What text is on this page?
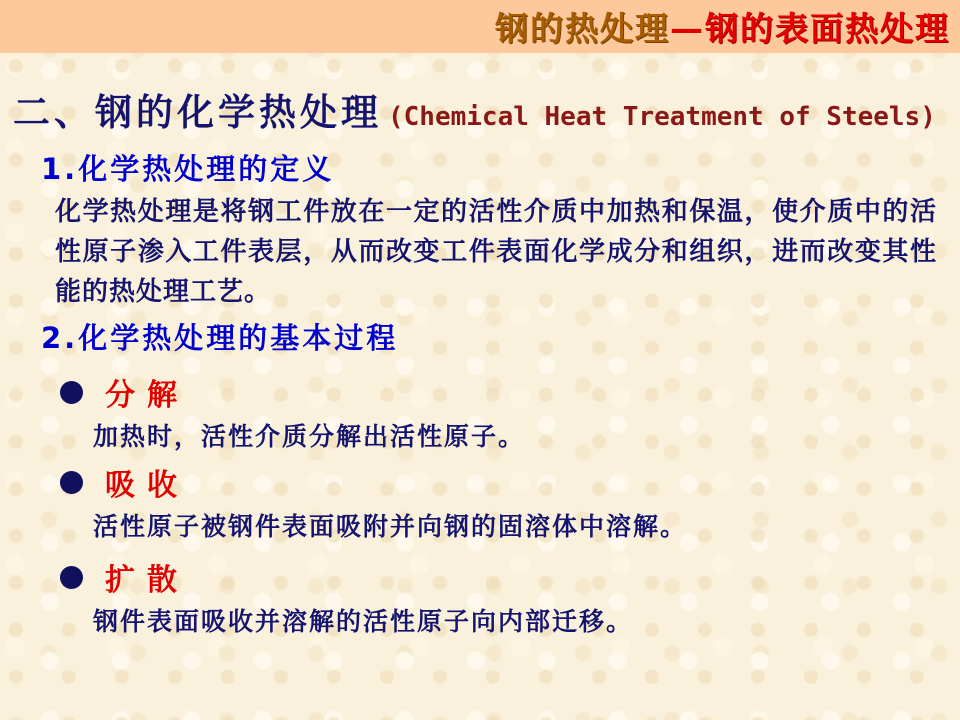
钢的热处理—钢的表面热处理
二、钢的化学热处理 (Chemical Heat Treatment of Steels)
1.化学热处理的定义

化学热处理是将钢工件放在一定的活性介质中加热和保温，使介质中的活性原子渗入工件表层，从而改变工件表面化学成分和组织，进而改变其性能的热处理工艺。

2.化学热处理的基本过程
分解

加热时，活性介质分解出活性原子。

吸收

活性原子被钢件表面吸附并向钢的固溶体中溶解。

扩散

钢件表面吸收并溶解的活性原子向内部迁移。
